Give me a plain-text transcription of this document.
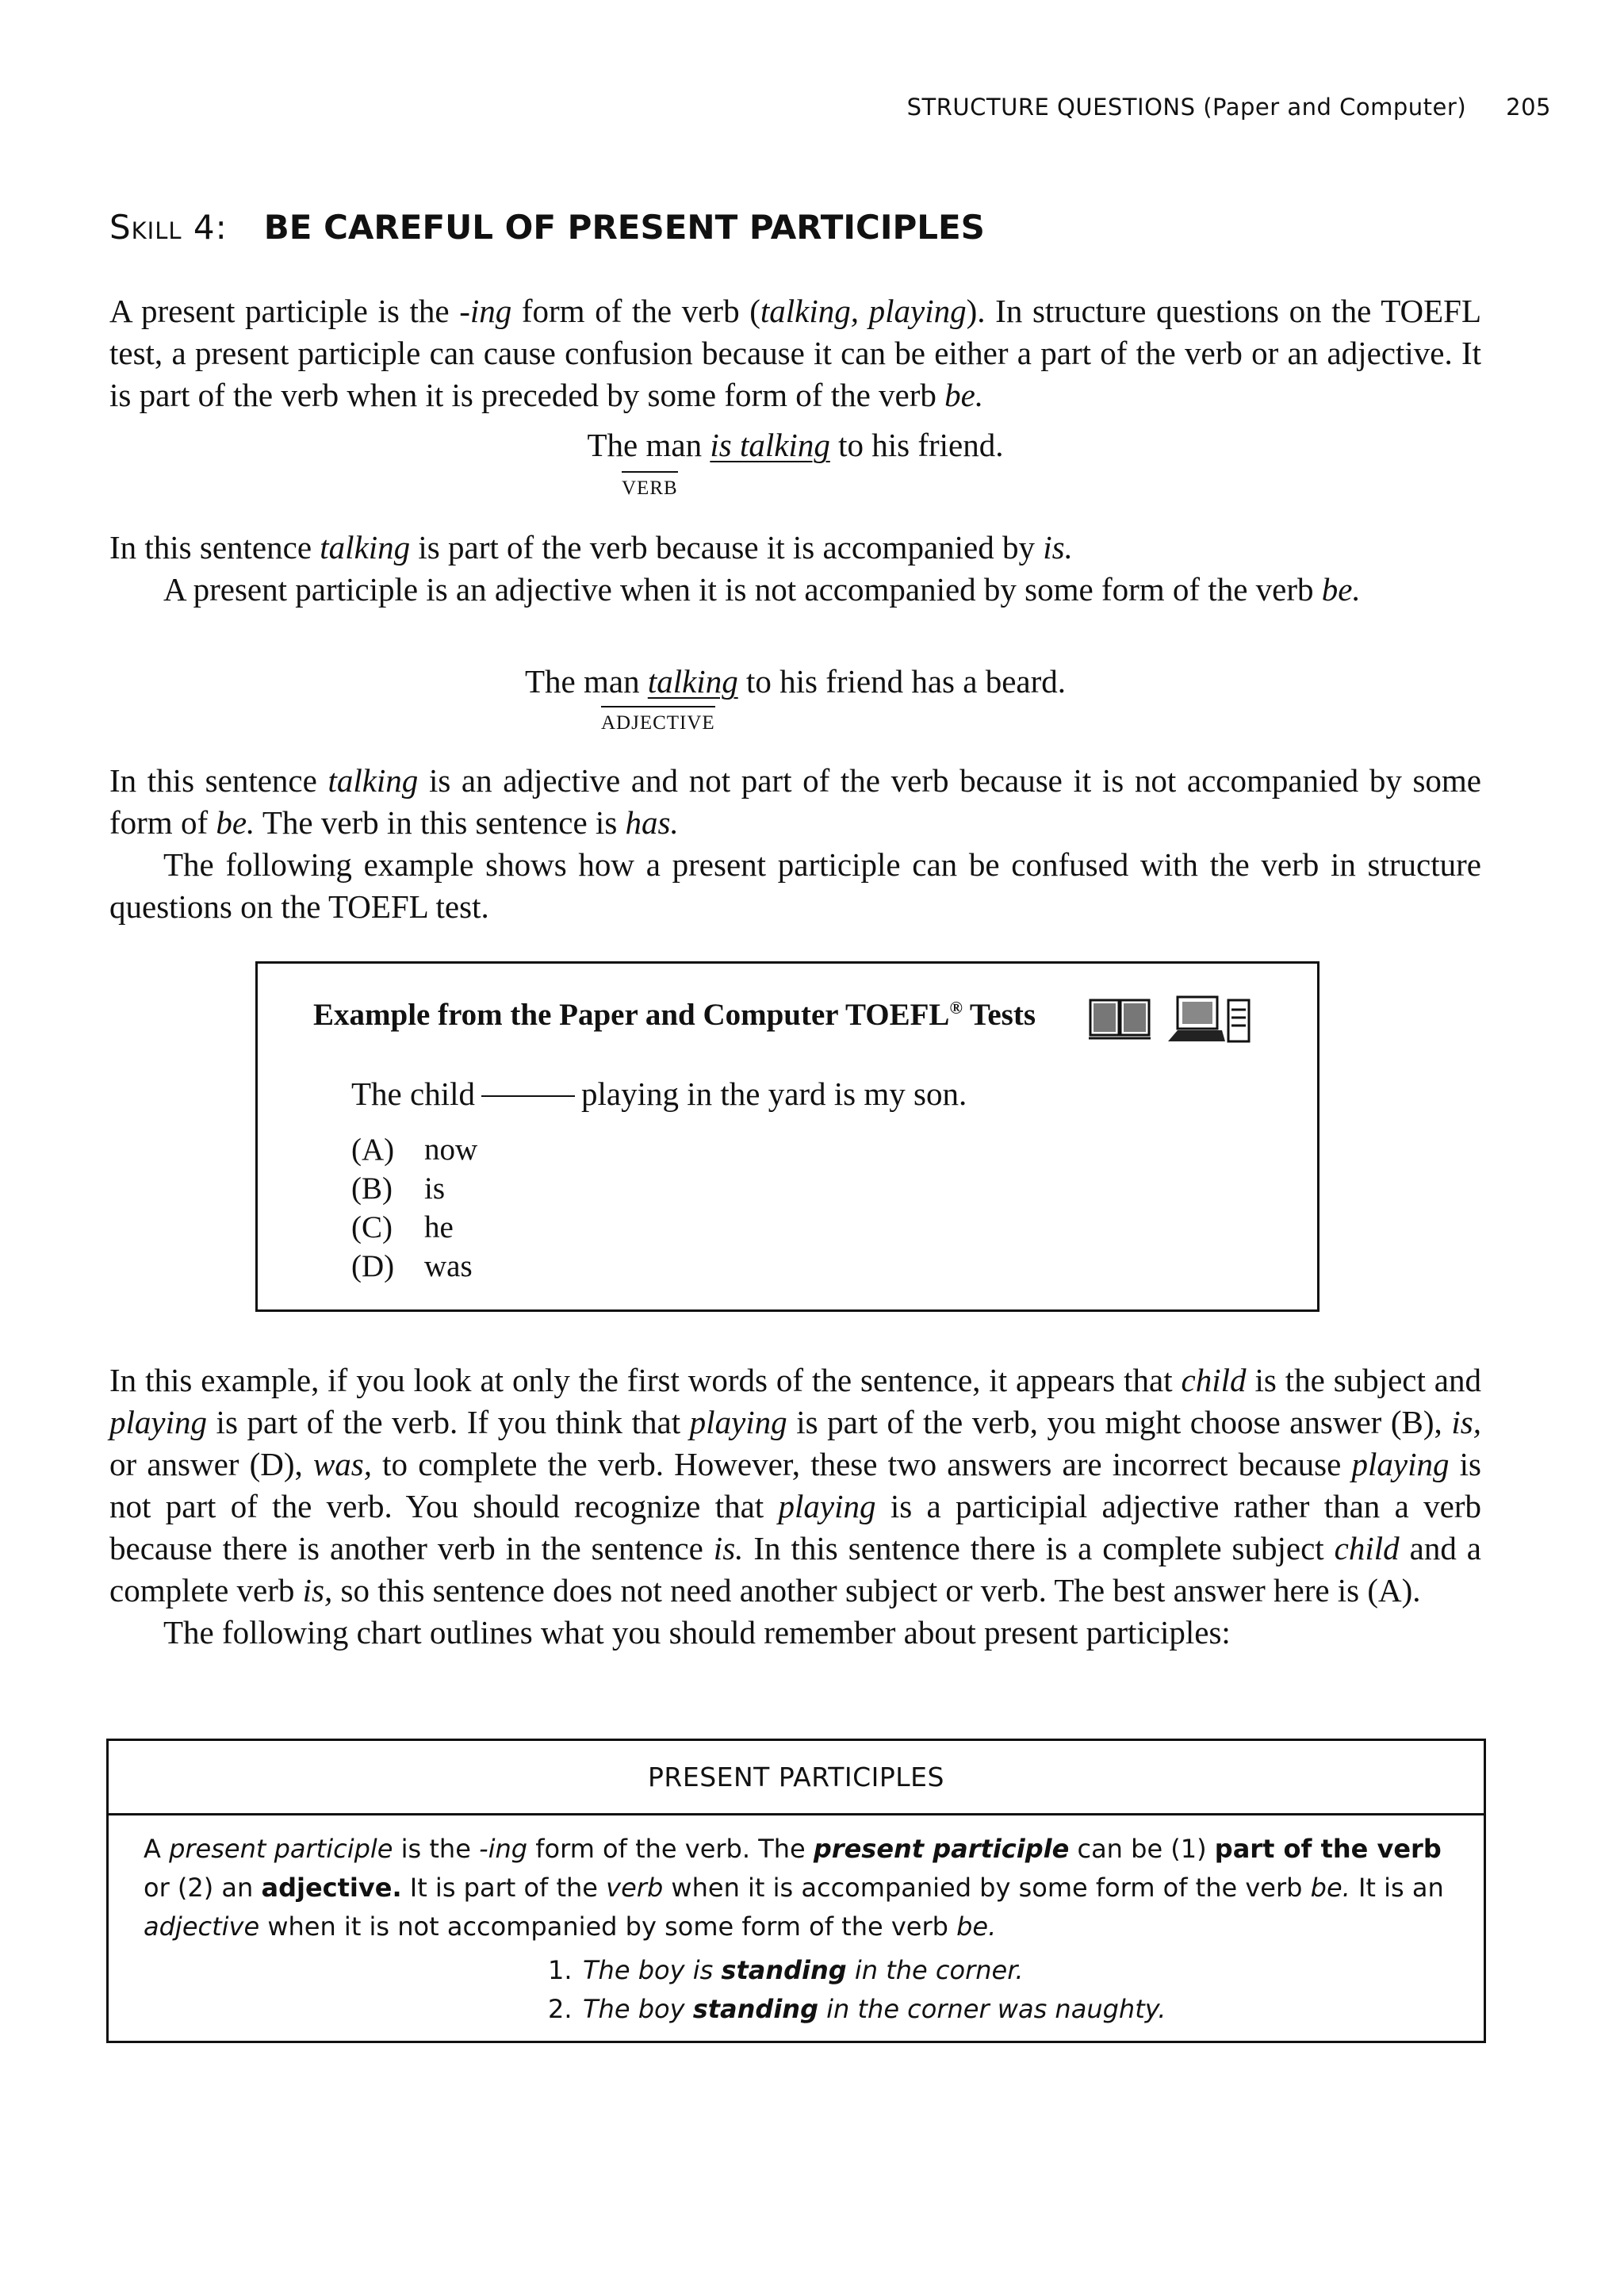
STRUCTURE QUESTIONS (Paper and Computer) 205
Skill 4: BE CAREFUL OF PRESENT PARTICIPLES

A present participle is the -ing form of the verb (talking, playing). In structure questions on the TOEFL test, a present participle can cause confusion because it can be either a part of the verb or an adjective. It is part of the verb when it is preceded by some form of the verb be.

The man is talking to his friend.
VERB

In this sentence talking is part of the verb because it is accompanied by is.

A present participle is an adjective when it is not accompanied by some form of the verb be.

The man talking to his friend has a beard.
ADJECTIVE

In this sentence talking is an adjective and not part of the verb because it is not accompanied by some form of be. The verb in this sentence is has.

The following example shows how a present participle can be confused with the verb in structure questions on the TOEFL test.

Example from the Paper and Computer TOEFL® Tests
The child	playing in the yard is my son.
(A) now
(B) is
(C) he
(D) was

In this example, if you look at only the first words of the sentence, it appears that child is the subject and playing is part of the verb. If you think that playing is part of the verb, you might choose answer (B), is, or answer (D), was, to complete the verb. However, these two answers are incorrect because playing is not part of the verb. You should recognize that playing is a participial adjective rather than a verb because there is another verb in the sentence is. In this sentence there is a complete subject child and a complete verb is, so this sentence does not need another subject or verb. The best answer here is (A).

The following chart outlines what you should remember about present participles:

PRESENT PARTICIPLES
A present participle is the -ing form of the verb. The present participle can be (1) part of the verb or (2) an adjective. It is part of the verb when it is accompanied by some form of the verb be. It is an adjective when it is not accompanied by some form of the verb be.
1. The boy is standing in the corner.
2. The boy standing in the corner was naughty.
